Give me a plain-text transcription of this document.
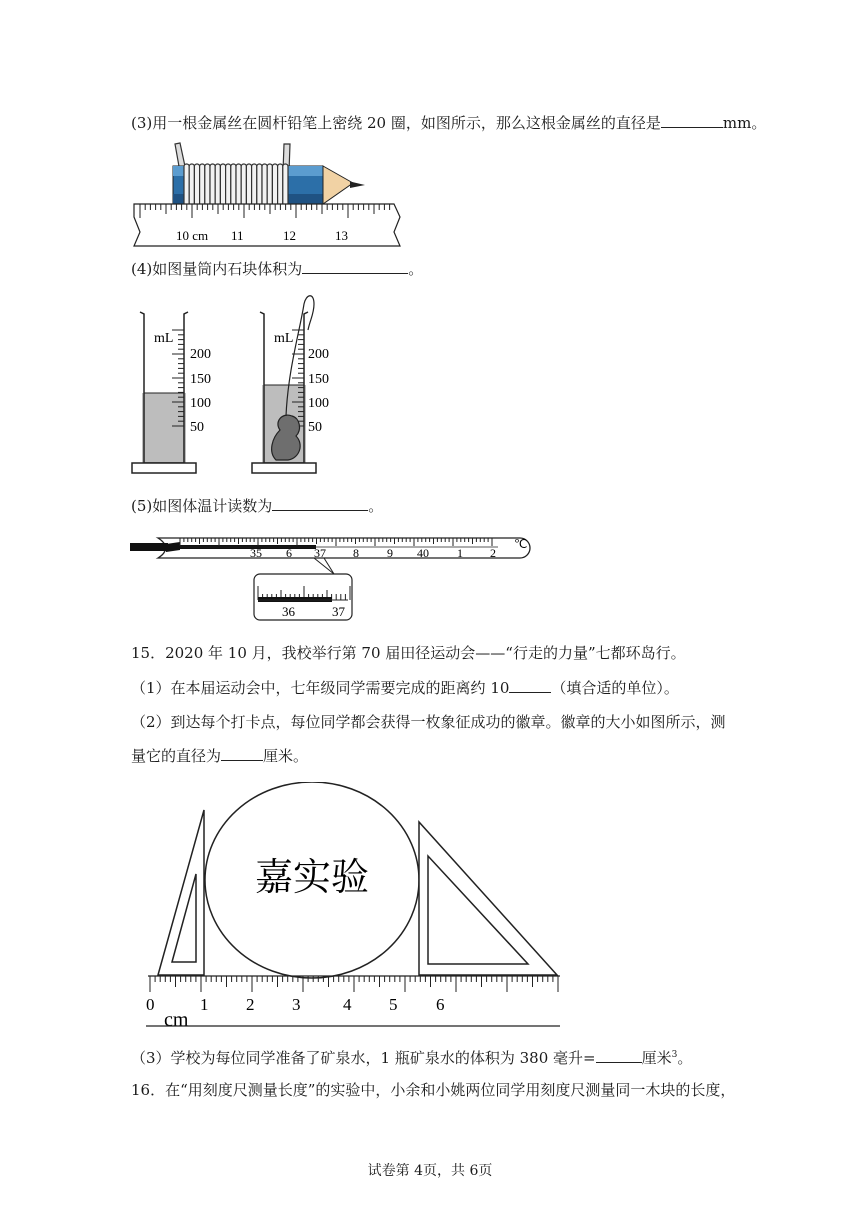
(3)用一根金属丝在圆杆铅笔上密绕 20 圈，如图所示，那么这根金属丝的直径是	mm。
10 cm 11	12	13
(4)如图量筒内石块体积为	。
mL
200
150
100
50
mL
200
150
100
50
(5)如图体温计读数为	。
35 6 37 8 9 40 1 2
℃
36	37
15．2020 年 10 月，我校举行第 70 届田径运动会——“行走的力量”七都环岛行。
（1）在本届运动会中，七年级同学需要完成的距离约 10	（填合适的单位）。
（2）到达每个打卡点，每位同学都会获得一枚象征成功的徽章。徽章的大小如图所示，测
量它的直径为	厘米。
嘉实验
0	1 2 3	4 5 6
cm
（3）学校为每位同学准备了矿泉水，1 瓶矿泉水的体积为 380 毫升=	厘米$^3$。
16．在“用刻度尺测量长度”的实验中，小余和小姚两位同学用刻度尺测量同一木块的长度，
试卷第 4页，共 6页
